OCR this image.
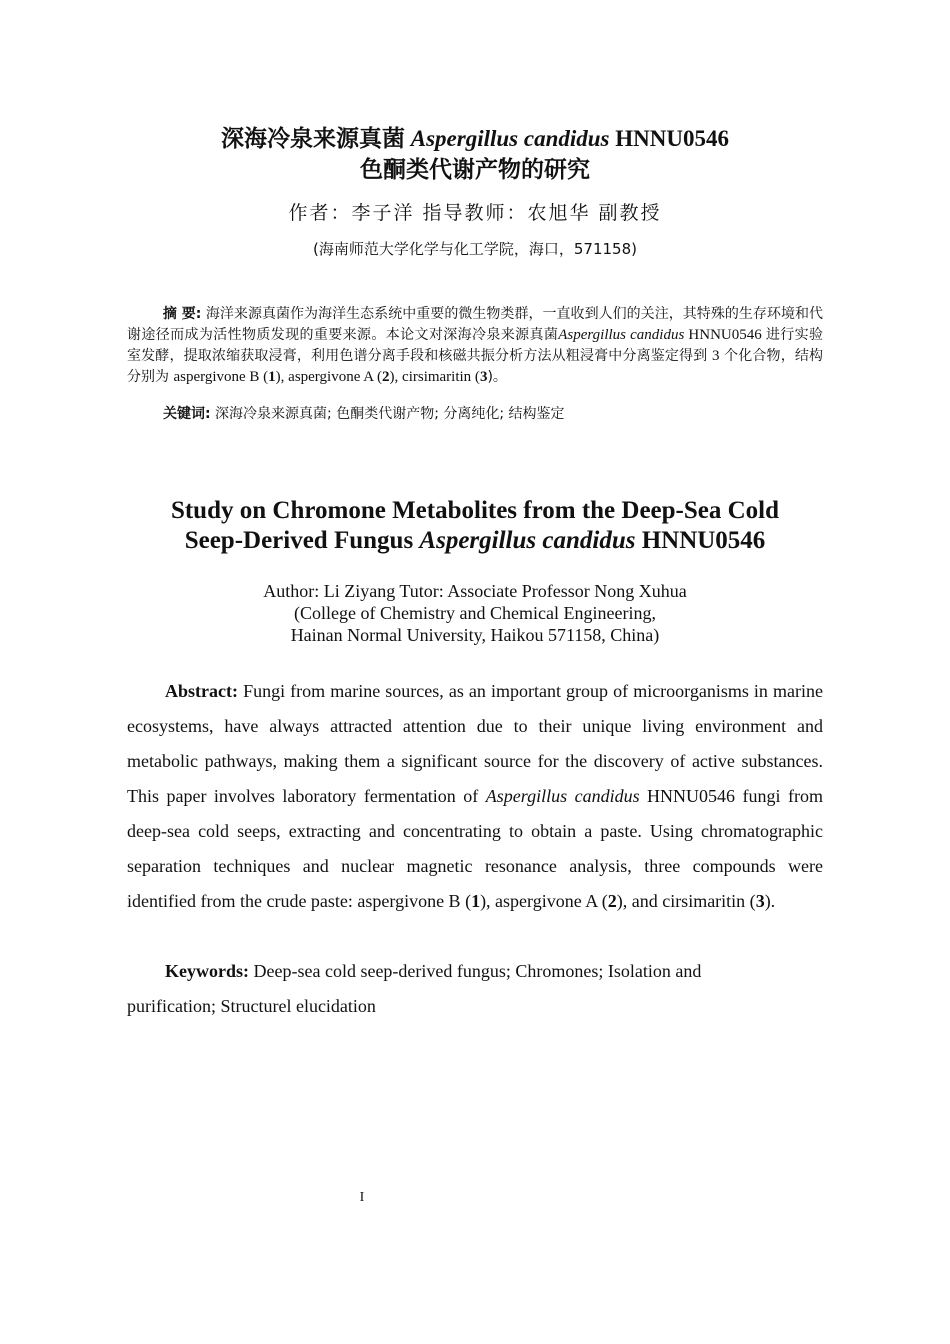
深海冷泉来源真菌 Aspergillus candidus HNNU0546
色酮类代谢产物的研究
作者：李子洋 指导教师：农旭华 副教授
(海南师范大学化学与化工学院，海口，571158)
摘 要: 海洋来源真菌作为海洋生态系统中重要的微生物类群，一直收到人们的关注，其特殊的生存环境和代谢途径而成为活性物质发现的重要来源。本论文对深海冷泉来源真菌Aspergillus candidus HNNU0546 进行实验室发酵，提取浓缩获取浸膏，利用色谱分离手段和核磁共振分析方法从粗浸膏中分离鉴定得到 3 个化合物，结构分别为 aspergivone B (1), aspergivone A (2), cirsimaritin (3)。
关键词: 深海冷泉来源真菌; 色酮类代谢产物; 分离纯化; 结构鉴定
Study on Chromone Metabolites from the Deep-Sea Cold
Seep-Derived Fungus Aspergillus candidus HNNU0546
Author: Li Ziyang Tutor: Associate Professor Nong Xuhua
(College of Chemistry and Chemical Engineering,
Hainan Normal University, Haikou 571158, China)

Abstract: Fungi from marine sources, as an important group of microorganisms in marine ecosystems, have always attracted attention due to their unique living environment and metabolic pathways, making them a significant source for the discovery of active substances. This paper involves laboratory fermentation of Aspergillus candidus HNNU0546 fungi from deep-sea cold seeps, extracting and concentrating to obtain a paste. Using chromatographic separation techniques and nuclear magnetic resonance analysis, three compounds were identified from the crude paste: aspergivone B (1), aspergivone A (2), and cirsimaritin (3).

Keywords: Deep-sea cold seep-derived fungus; Chromones; Isolation and purification; Structurel elucidation

I
